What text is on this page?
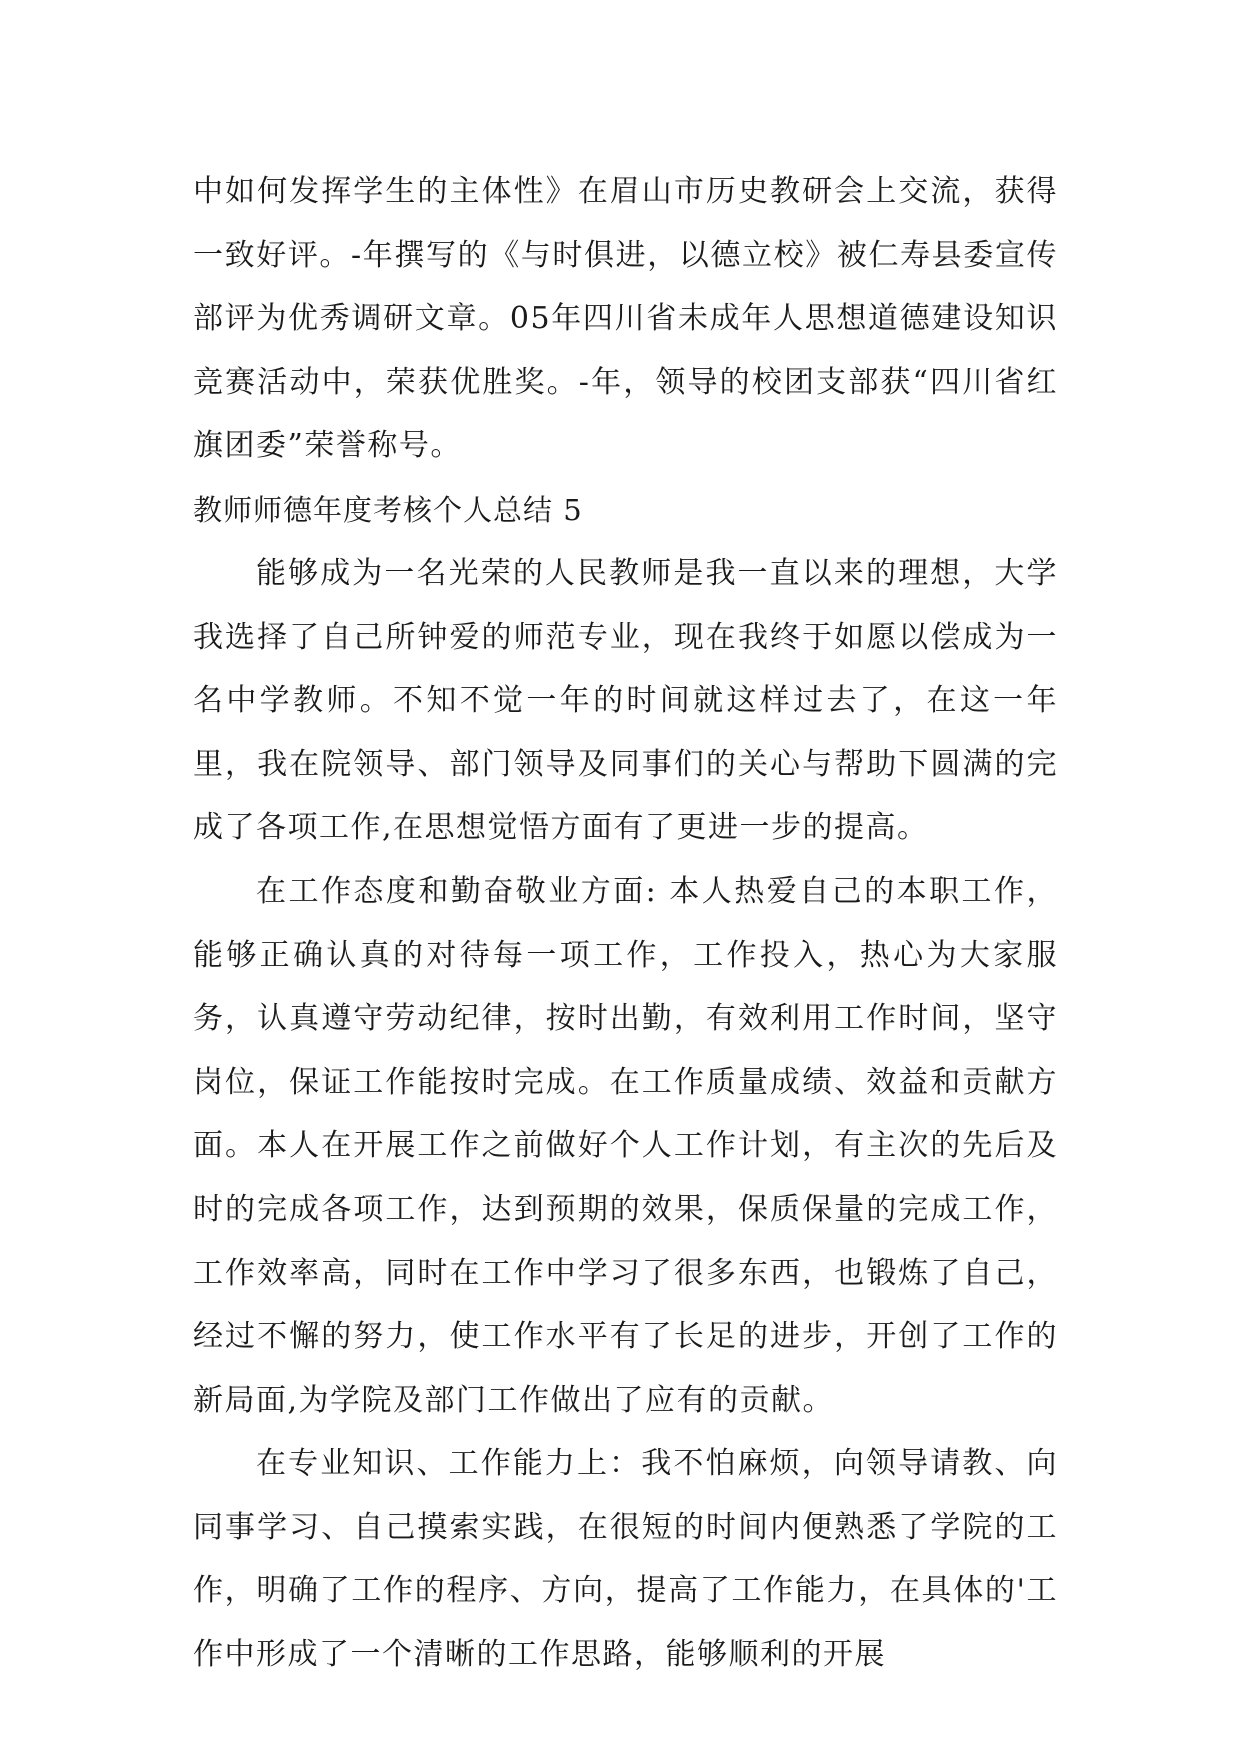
中如何发挥学生的主体性》在眉山市历史教研会上交流，获得一致好评。-年撰写的《与时俱进，以德立校》被仁寿县委宣传部评为优秀调研文章。05年四川省未成年人思想道德建设知识竞赛活动中，荣获优胜奖。-年，领导的校团支部获“四川省红旗团委”荣誉称号。

教师师德年度考核个人总结 5

能够成为一名光荣的人民教师是我一直以来的理想，大学我选择了自己所钟爱的师范专业，现在我终于如愿以偿成为一名中学教师。不知不觉一年的时间就这样过去了，在这一年里，我在院领导、部门领导及同事们的关心与帮助下圆满的完成了各项工作,在思想觉悟方面有了更进一步的提高。

在工作态度和勤奋敬业方面: 本人热爱自己的本职工作，能够正确认真的对待每一项工作，工作投入，热心为大家服务，认真遵守劳动纪律，按时出勤，有效利用工作时间，坚守岗位，保证工作能按时完成。在工作质量成绩、效益和贡献方面。本人在开展工作之前做好个人工作计划，有主次的先后及时的完成各项工作，达到预期的效果，保质保量的完成工作，工作效率高，同时在工作中学习了很多东西，也锻炼了自己，经过不懈的努力，使工作水平有了长足的进步，开创了工作的新局面,为学院及部门工作做出了应有的贡献。

在专业知识、工作能力上：我不怕麻烦，向领导请教、向同事学习、自己摸索实践，在很短的时间内便熟悉了学院的工作，明确了工作的程序、方向，提高了工作能力，在具体的'工作中形成了一个清晰的工作思路，能够顺利的开展
